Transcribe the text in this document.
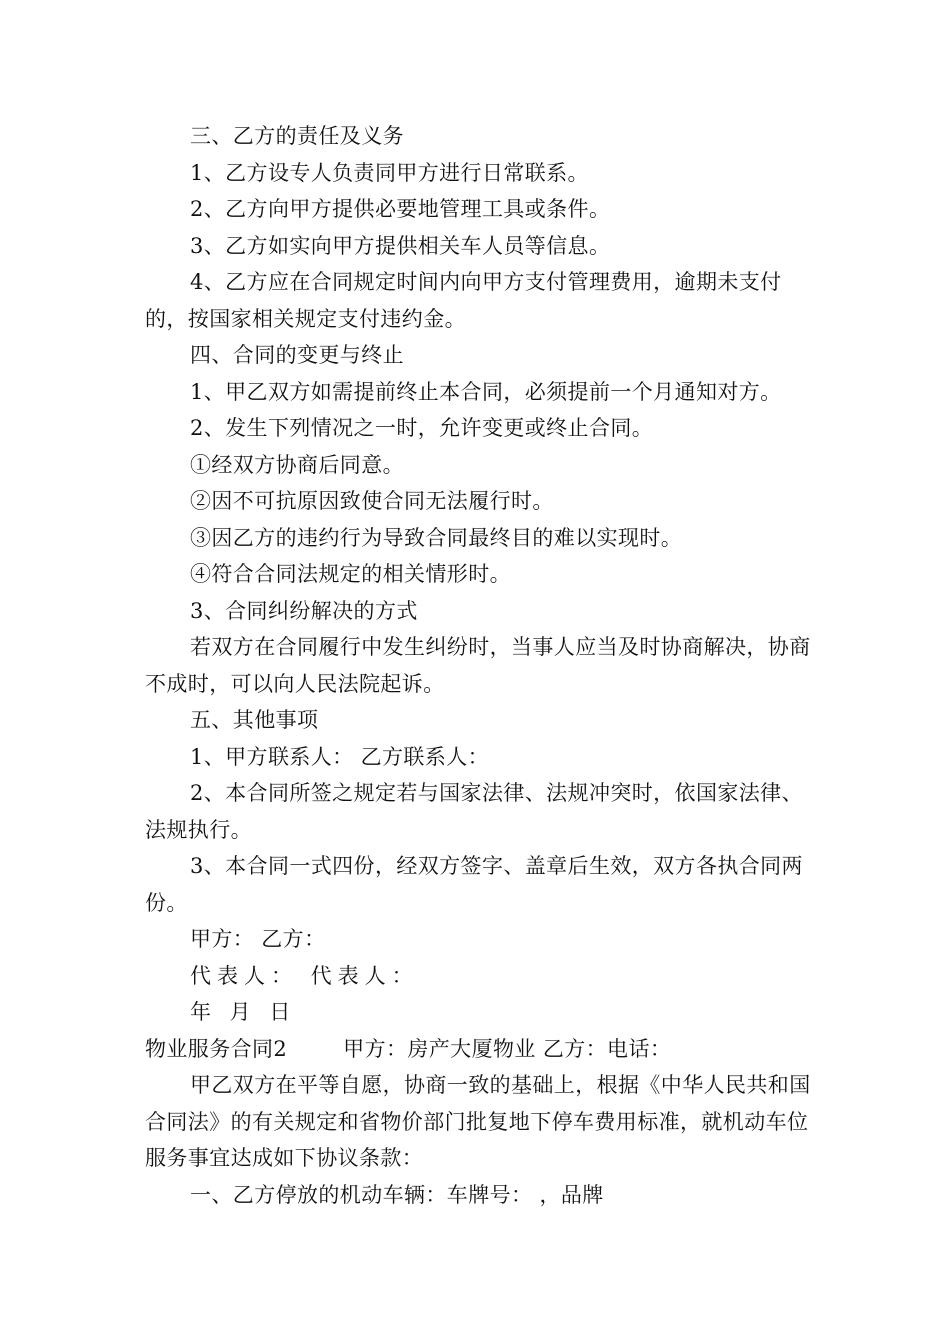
三、乙方的责任及义务

1、乙方设专人负责同甲方进行日常联系。

2、乙方向甲方提供必要地管理工具或条件。

3、乙方如实向甲方提供相关车人员等信息。

4、乙方应在合同规定时间内向甲方支付管理费用，逾期未支付的，按国家相关规定支付违约金。

四、合同的变更与终止

1、甲乙双方如需提前终止本合同，必须提前一个月通知对方。

2、发生下列情况之一时，允许变更或终止合同。

①经双方协商后同意。

②因不可抗原因致使合同无法履行时。

③因乙方的违约行为导致合同最终目的难以实现时。

④符合合同法规定的相关情形时。

3、合同纠纷解决的方式

若双方在合同履行中发生纠纷时，当事人应当及时协商解决，协商不成时，可以向人民法院起诉。

五、其他事项

1、甲方联系人： 乙方联系人：

2、本合同所签之规定若与国家法律、法规冲突时，依国家法律、法规执行。

3、本合同一式四份，经双方签字、盖章后生效，双方各执合同两份。

甲方： 乙方：

代表人： 代表人：

年 月 日

物业服务合同2	甲方：房产大厦物业 乙方：电话：

甲乙双方在平等自愿，协商一致的基础上，根据《中华人民共和国合同法》的有关规定和省物价部门批复地下停车费用标准，就机动车位服务事宜达成如下协议条款：

一、乙方停放的机动车辆：车牌号： ，品牌
